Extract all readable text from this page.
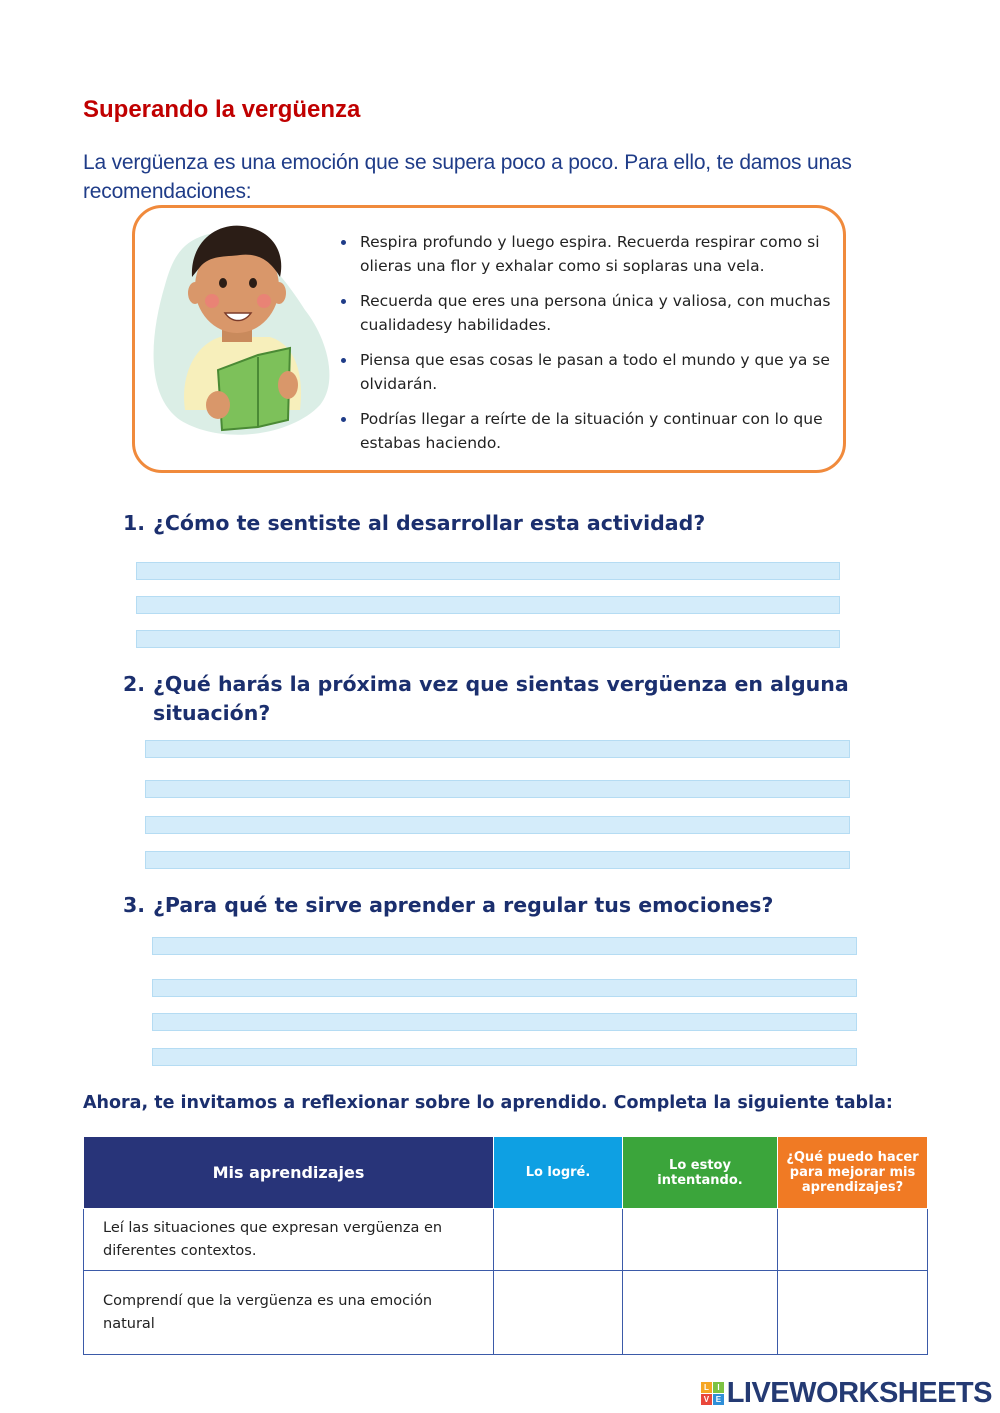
Superando la vergüenza
La vergüenza es una emoción que se supera poco a poco. Para ello, te damos unas recomendaciones:
Respira profundo y luego espira. Recuerda respirar como si olieras una flor y exhalar como si soplaras una vela.
Recuerda que eres una persona única y valiosa, con muchas cualidadesy habilidades.
Piensa que esas cosas le pasan a todo el mundo y que ya se olvidarán.
Podrías llegar a reírte de la situación y continuar con lo que estabas haciendo.
1. ¿Cómo te sentiste al desarrollar esta actividad?
2. ¿Qué harás la próxima vez que sientas vergüenza en alguna situación?
3. ¿Para qué te sirve aprender a regular tus emociones?
Ahora, te invitamos a reflexionar sobre lo aprendido. Completa la siguiente tabla:
Mis aprendizajes	Lo logré.	Lo estoy intentando.	¿Qué puedo hacer para mejorar mis aprendizajes?
Leí las situaciones que expresan vergüenza en diferentes contextos.			
Comprendí que la vergüenza es una emoción natural			
L	I
V E LIVEWORKSHEETS
